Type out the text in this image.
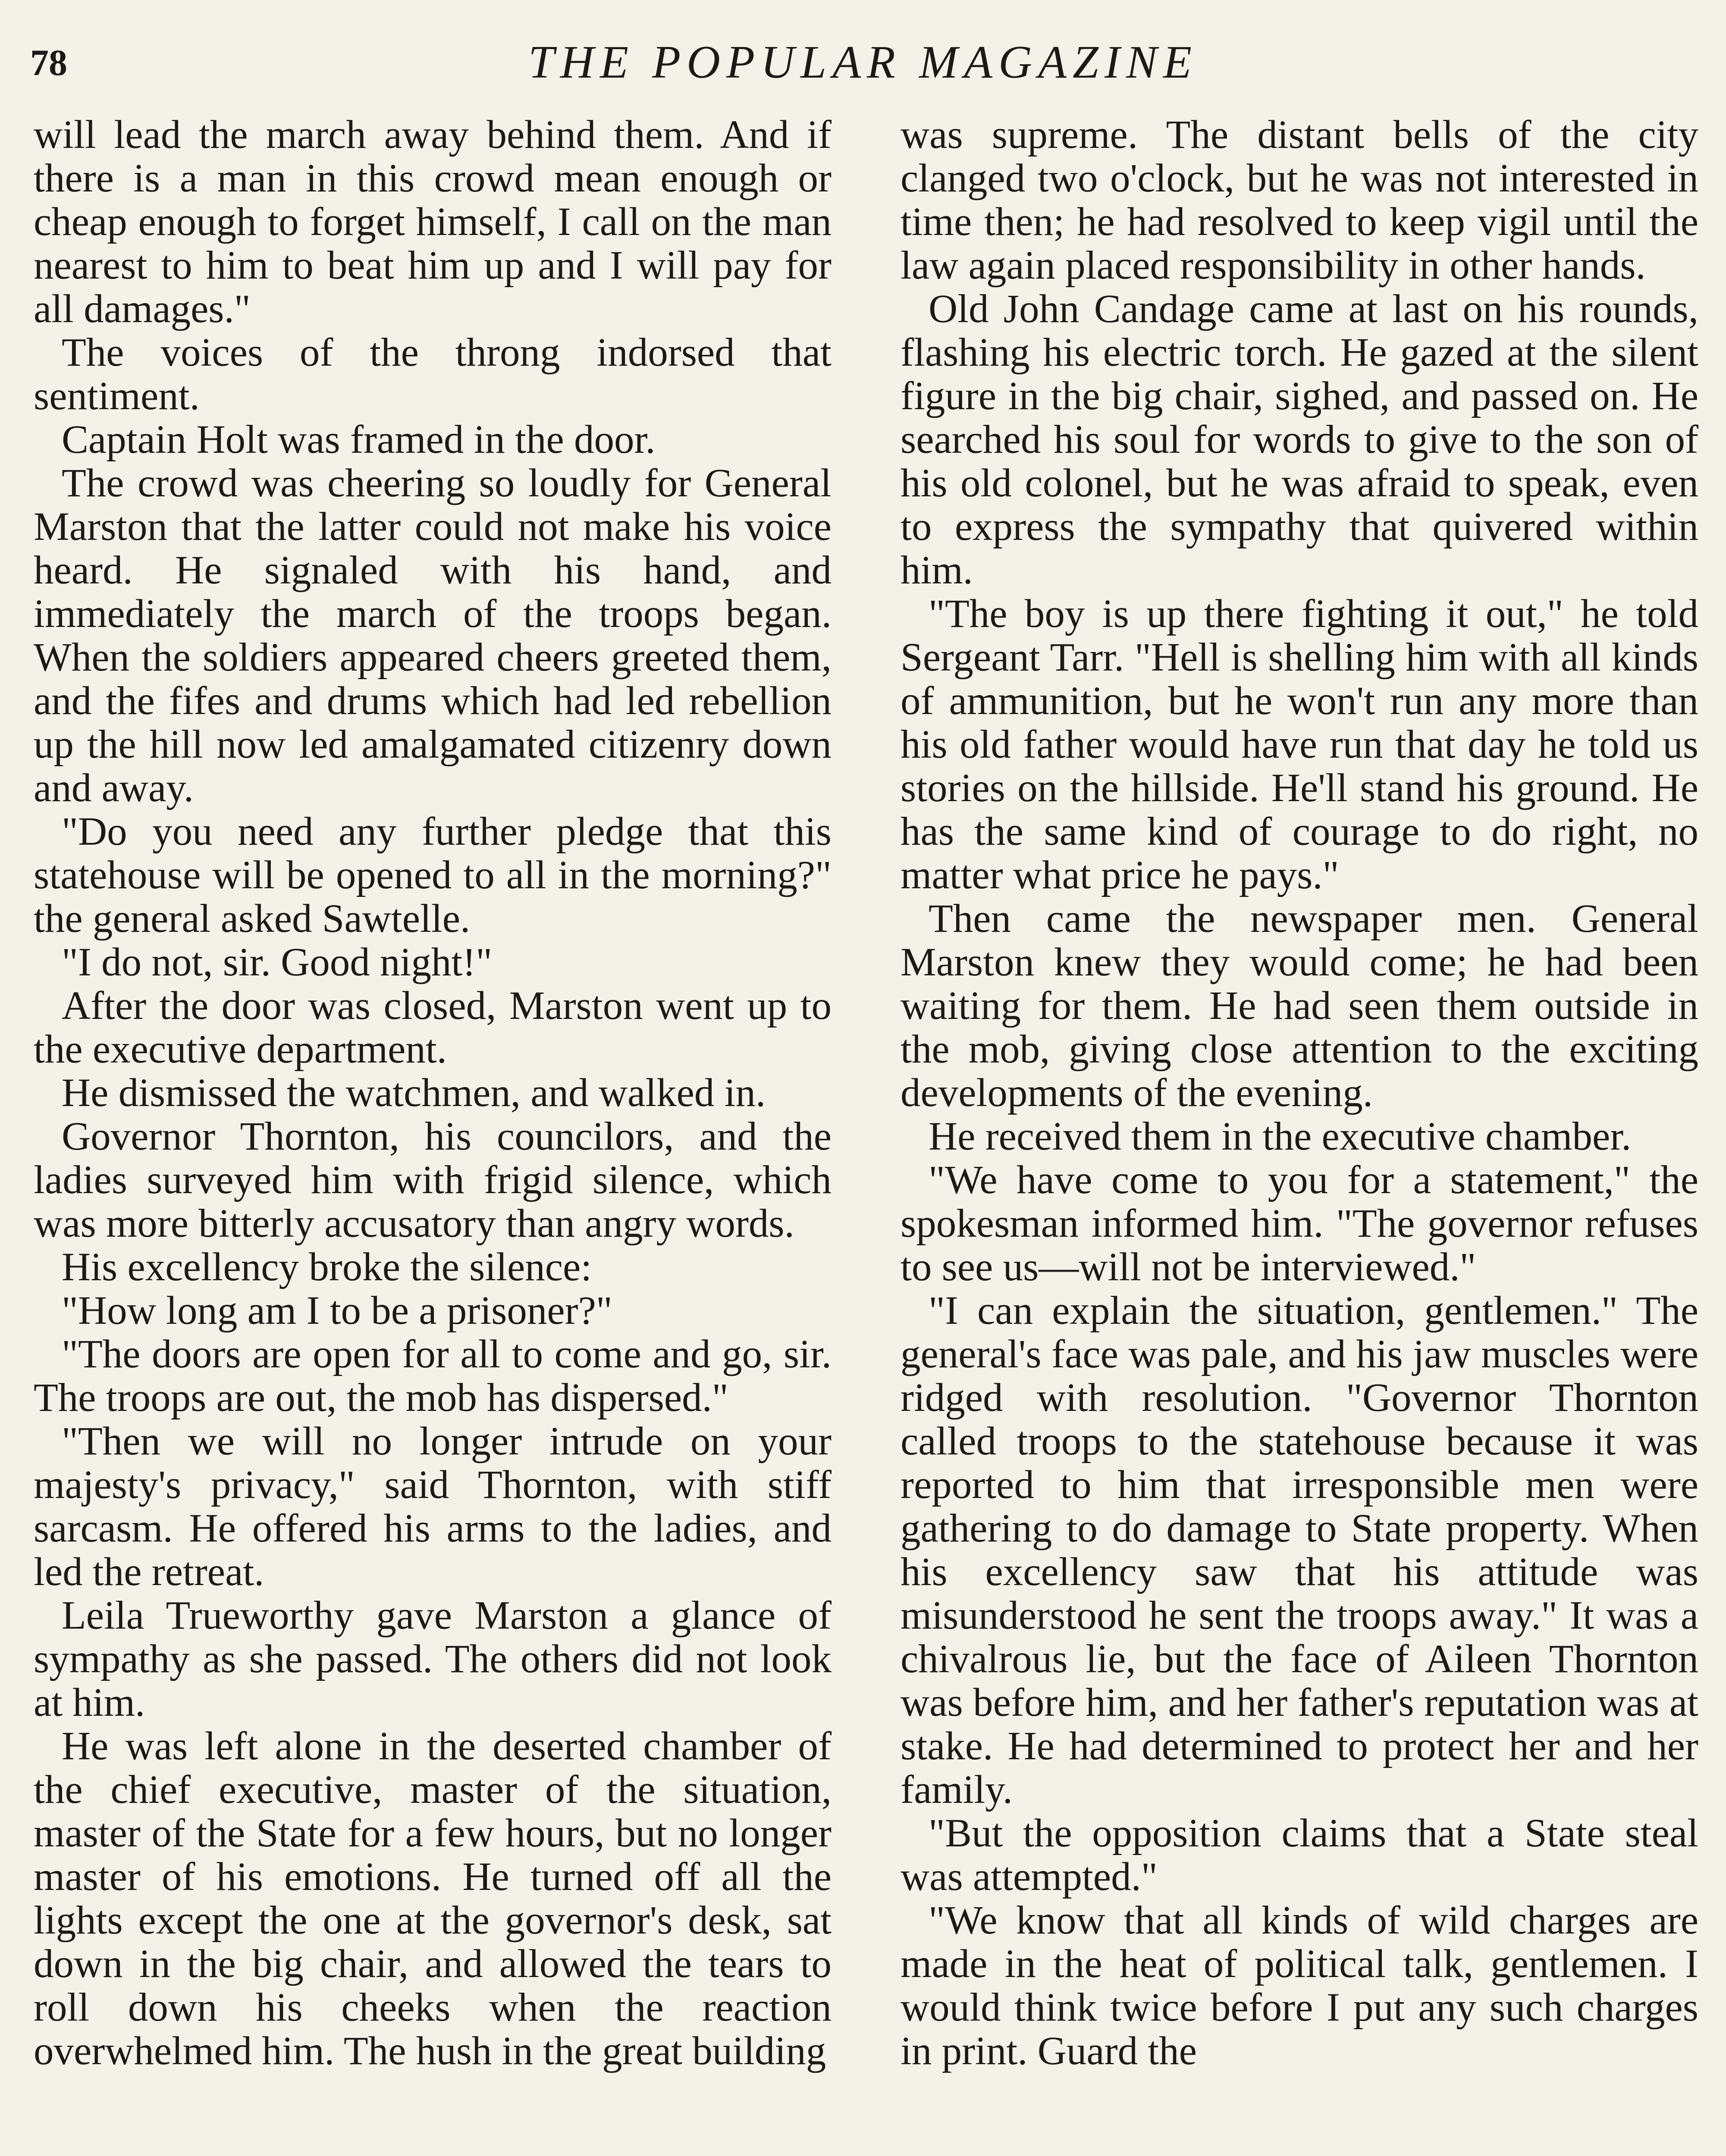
78	THE POPULAR MAGAZINE

will lead the march away behind them. And if there is a man in this crowd mean enough or cheap enough to forget himself, I call on the man nearest to him to beat him up and I will pay for all damages."

The voices of the throng indorsed that sentiment.

Captain Holt was framed in the door.

The crowd was cheering so loudly for General Marston that the latter could not make his voice heard. He signaled with his hand, and immediately the march of the troops began. When the soldiers appeared cheers greeted them, and the fifes and drums which had led rebellion up the hill now led amalgamated citizenry down and away.

"Do you need any further pledge that this statehouse will be opened to all in the morning?" the general asked Sawtelle.

"I do not, sir. Good night!"

After the door was closed, Marston went up to the executive department.

He dismissed the watchmen, and walked in.

Governor Thornton, his councilors, and the ladies surveyed him with frigid silence, which was more bitterly accusatory than angry words.

His excellency broke the silence:

"How long am I to be a prisoner?"

"The doors are open for all to come and go, sir. The troops are out, the mob has dispersed."

"Then we will no longer intrude on your majesty's privacy," said Thornton, with stiff sarcasm. He offered his arms to the ladies, and led the retreat.

Leila Trueworthy gave Marston a glance of sympathy as she passed. The others did not look at him.

He was left alone in the deserted chamber of the chief executive, master of the situation, master of the State for a few hours, but no longer master of his emotions. He turned off all the lights except the one at the governor's desk, sat down in the big chair, and allowed the tears to roll down his cheeks when the reaction overwhelmed him. The hush in the great building

was supreme. The distant bells of the city clanged two o'clock, but he was not interested in time then; he had resolved to keep vigil until the law again placed responsibility in other hands.

Old John Candage came at last on his rounds, flashing his electric torch. He gazed at the silent figure in the big chair, sighed, and passed on. He searched his soul for words to give to the son of his old colonel, but he was afraid to speak, even to express the sympathy that quivered within him.

"The boy is up there fighting it out," he told Sergeant Tarr. "Hell is shelling him with all kinds of ammunition, but he won't run any more than his old father would have run that day he told us stories on the hillside. He'll stand his ground. He has the same kind of courage to do right, no matter what price he pays."

Then came the newspaper men. General Marston knew they would come; he had been waiting for them. He had seen them outside in the mob, giving close attention to the exciting developments of the evening.

He received them in the executive chamber.

"We have come to you for a statement," the spokesman informed him. "The governor refuses to see us—will not be interviewed."

"I can explain the situation, gentlemen." The general's face was pale, and his jaw muscles were ridged with resolution. "Governor Thornton called troops to the statehouse because it was reported to him that irresponsible men were gathering to do damage to State property. When his excellency saw that his attitude was misunderstood he sent the troops away." It was a chivalrous lie, but the face of Aileen Thornton was before him, and her father's reputation was at stake. He had determined to protect her and her family.

"But the opposition claims that a State steal was attempted."

"We know that all kinds of wild charges are made in the heat of political talk, gentlemen. I would think twice before I put any such charges in print. Guard the
